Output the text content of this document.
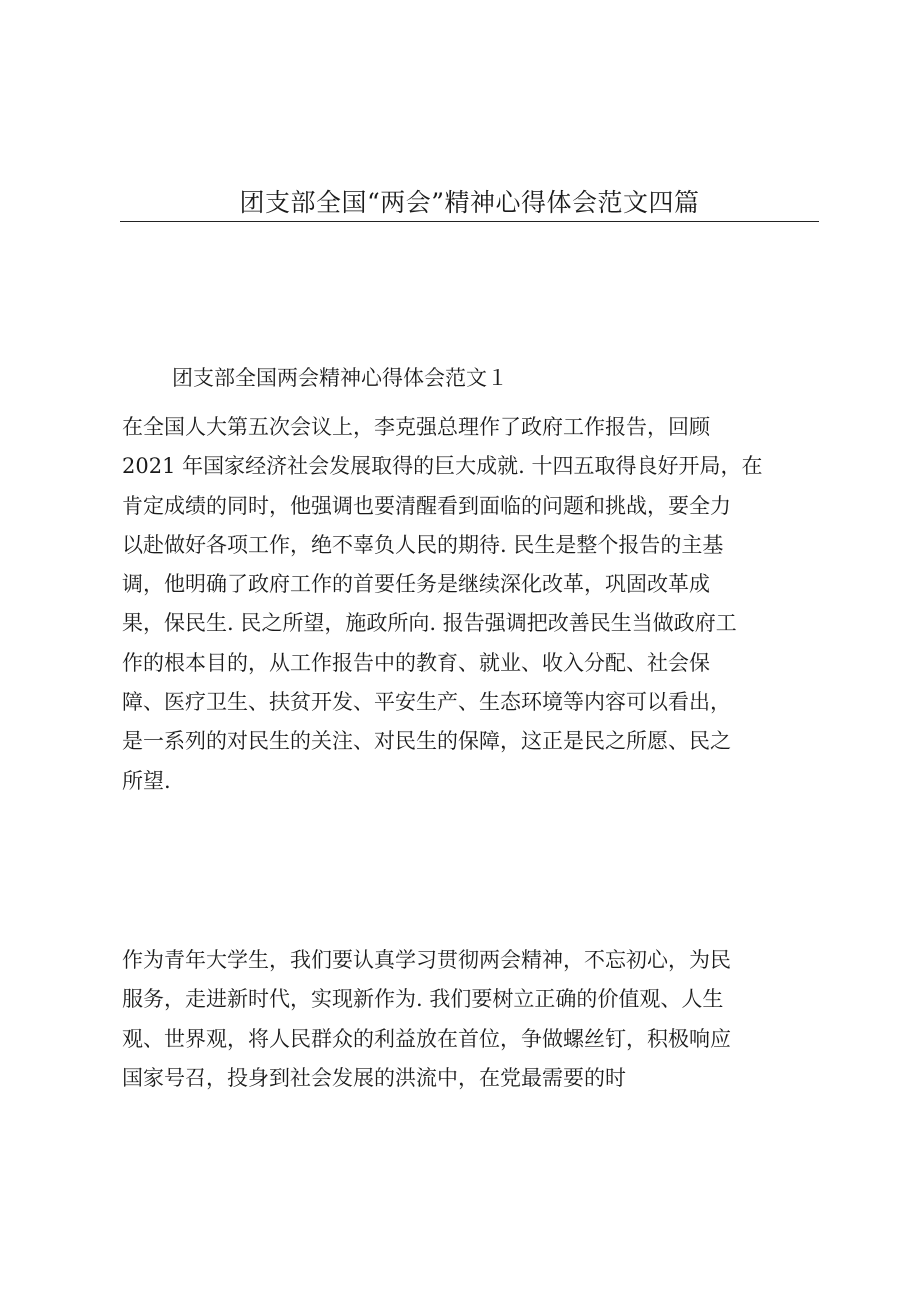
团支部全国“两会”精神心得体会范文四篇
团支部全国两会精神心得体会范文１
在全国人大第五次会议上，李克强总理作了政府工作报告，回顾
2021 年国家经济社会发展取得的巨大成就. 十四五取得良好开局，在
肯定成绩的同时，他强调也要清醒看到面临的问题和挑战，要全力
以赴做好各项工作，绝不辜负人民的期待. 民生是整个报告的主基
调，他明确了政府工作的首要任务是继续深化改革，巩固改革成
果，保民生. 民之所望，施政所向. 报告强调把改善民生当做政府工
作的根本目的，从工作报告中的教育、就业、收入分配、社会保
障、医疗卫生、扶贫开发、平安生产、生态环境等内容可以看出，
是一系列的对民生的关注、对民生的保障，这正是民之所愿、民之
所望.
作为青年大学生，我们要认真学习贯彻两会精神，不忘初心，为民
服务，走进新时代，实现新作为. 我们要树立正确的价值观、人生
观、世界观，将人民群众的利益放在首位，争做螺丝钉，积极响应
国家号召，投身到社会发展的洪流中，在党最需要的时
